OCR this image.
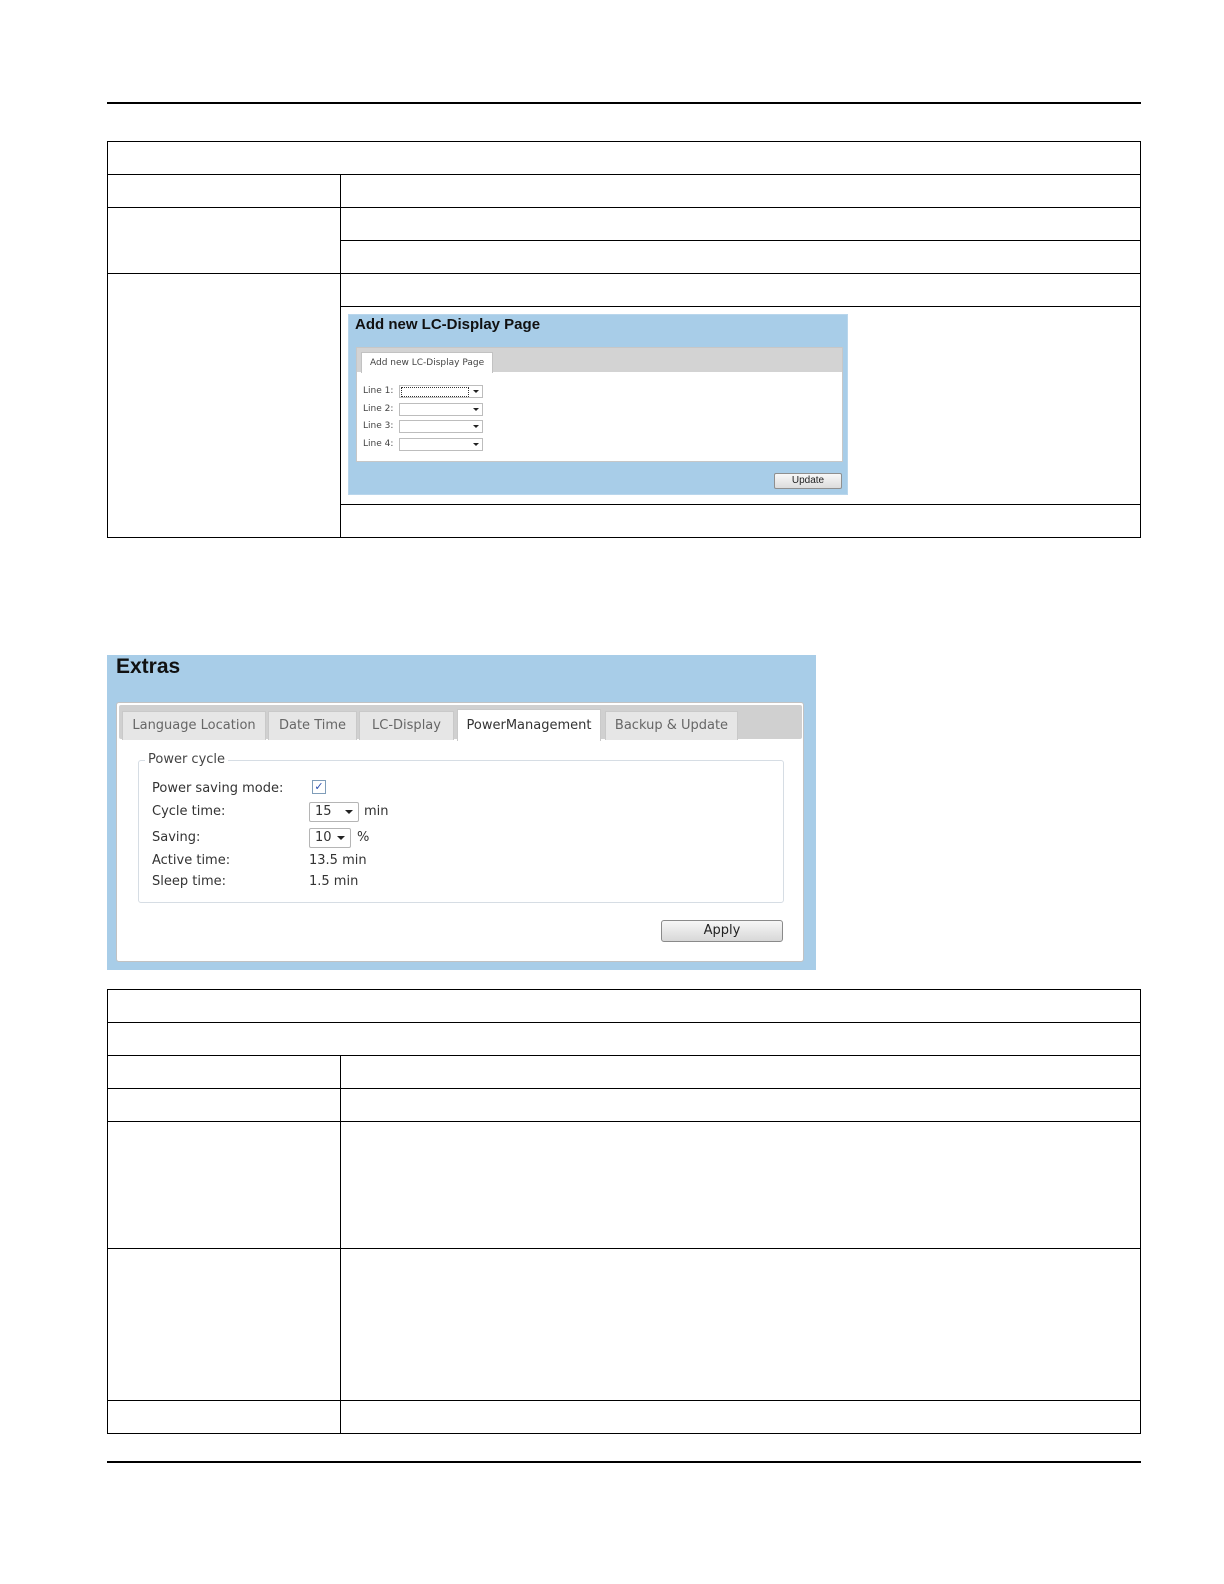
Add new LC-Display Page
Add new LC-Display Page
Line 1:
Line 2:
Line 3:
Line 4:
Update
Extras
Language Location	Date Time	LC-Display	PowerManagement	Backup & Update
Power cycle
Power saving mode:	✓
Cycle time:	15 min
Saving:	10 %
Active time:	13.5 min
Sleep time:	1.5 min
Apply
